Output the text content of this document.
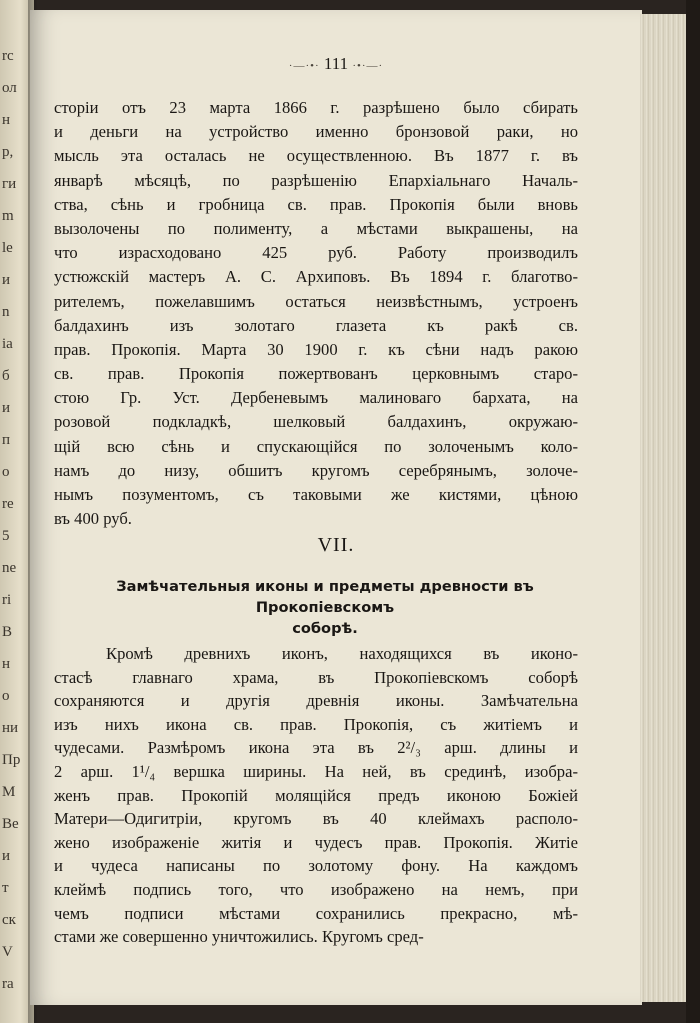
rc
ол
н
р,
ги
m
le
и
n
ia
б
и
п
o
re
5
ne
ri
В
н
о
ни
Пр
M
Be
и
т
ск
V
ra
·—·•· 111 ·•·—·
сторіи отъ 23 марта 1866 г. разрѣшено было сбирать
и деньги на устройство именно бронзовой раки, но
мысль эта осталась не осуществленною. Въ 1877 г. въ
январѣ мѣсяцѣ, по разрѣшенію Епархіальнаго Началь-
ства, сѣнь и гробница св. прав. Прокопія были вновь
вызолочены по полименту, а мѣстами выкрашены, на
что израсходовано 425 руб. Работу производилъ
устюжскій мастеръ А. С. Архиповъ. Въ 1894 г. благотво-
рителемъ, пожелавшимъ остаться неизвѣстнымъ, устроенъ
балдахинъ изъ золотаго глазета къ ракѣ св.
прав. Прокопія. Марта 30 1900 г. къ сѣни надъ ракою
св. прав. Прокопія пожертвованъ церковнымъ старо-
стою Гр. Уст. Дербеневымъ малиноваго бархата, на
розовой подкладкѣ, шелковый балдахинъ, окружаю-
щій всю сѣнь и спускающійся по золоченымъ коло-
намъ до низу, обшитъ кругомъ серебрянымъ, золоче-
нымъ позументомъ, съ таковыми же кистями, цѣною
въ 400 руб.
VII.
Замѣчательныя иконы и предметы древности въ Прокопіевскомъ
соборѣ.
Кромѣ древнихъ иконъ, находящихся въ иконо-
стасѣ главнаго храма, въ Прокопіевскомъ соборѣ
сохраняются и другія древнія иконы. Замѣчательна
изъ нихъ икона св. прав. Прокопія, съ житіемъ и
чудесами. Размѣромъ икона эта въ 2²/₃ арш. длины и
2 арш. 1¹/₄ вершка ширины. На ней, въ срединѣ, изобра-
женъ прав. Прокопій молящійся предъ иконою Божіей
Матери—Одигитріи, кругомъ въ 40 клеймахъ располо-
жено изображеніе житія и чудесъ прав. Прокопія. Житіе
и чудеса написаны по золотому фону. На каждомъ
клеймѣ подпись того, что изображено на немъ, при
чемъ подписи мѣстами сохранились прекрасно, мѣ-
стами же совершенно уничтожились. Кругомъ сред-
